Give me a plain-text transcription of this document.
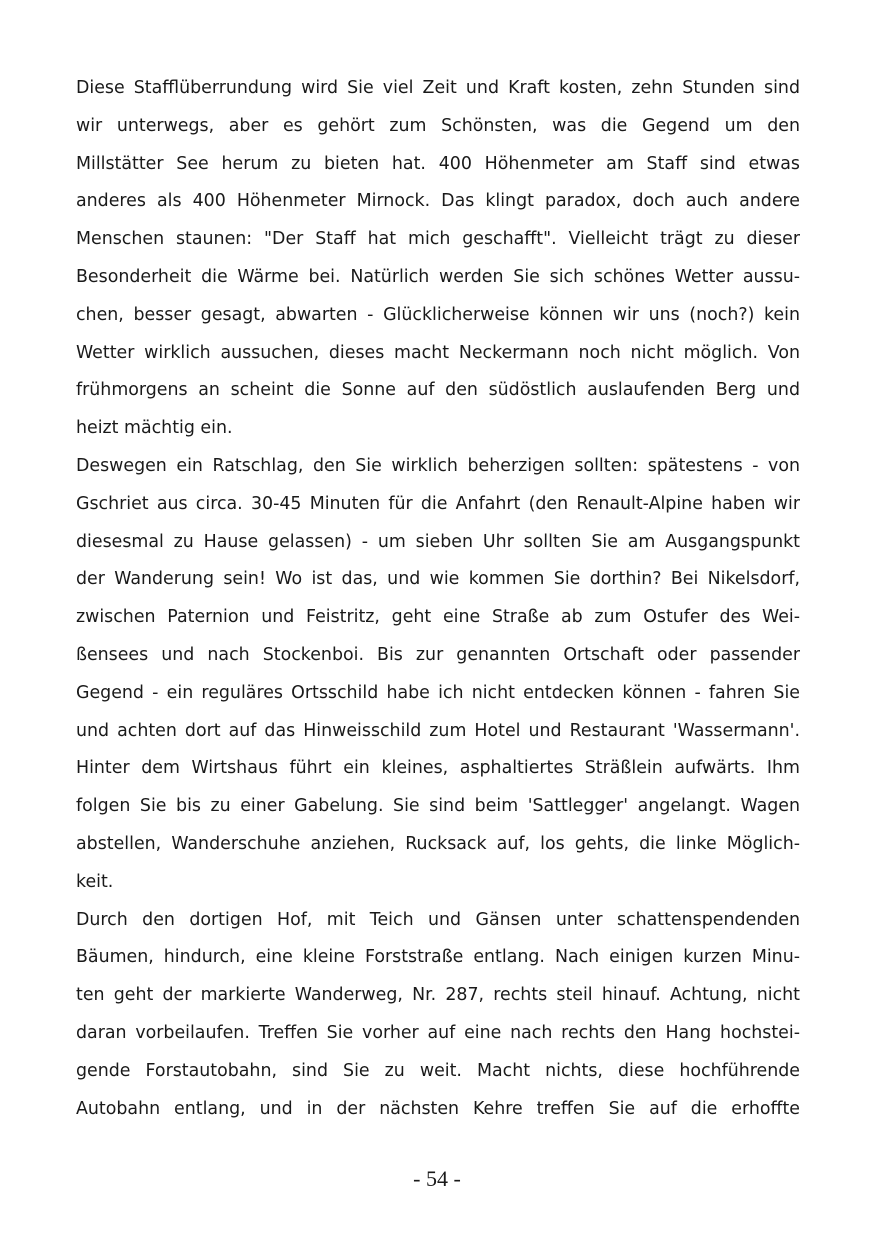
Diese Stafflüberrundung wird Sie viel Zeit und Kraft kosten, zehn Stunden sind
wir unterwegs, aber es gehört zum Schönsten, was die Gegend um den
Millstätter See herum zu bieten hat. 400 Höhenmeter am Staff sind etwas
anderes als 400 Höhenmeter Mirnock. Das klingt paradox, doch auch andere
Menschen staunen: "Der Staff hat mich geschafft". Vielleicht trägt zu dieser
Besonderheit die Wärme bei. Natürlich werden Sie sich schönes Wetter aussu-
chen, besser gesagt, abwarten - Glücklicherweise können wir uns (noch?) kein
Wetter wirklich aussuchen, dieses macht Neckermann noch nicht möglich. Von
frühmorgens an scheint die Sonne auf den südöstlich auslaufenden Berg und
heizt mächtig ein.
Deswegen ein Ratschlag, den Sie wirklich beherzigen sollten: spätestens - von
Gschriet aus circa. 30-45 Minuten für die Anfahrt (den Renault-Alpine haben wir
diesesmal zu Hause gelassen) - um sieben Uhr sollten Sie am Ausgangspunkt
der Wanderung sein! Wo ist das, und wie kommen Sie dorthin? Bei Nikelsdorf,
zwischen Paternion und Feistritz, geht eine Straße ab zum Ostufer des Wei-
ßensees und nach Stockenboi. Bis zur genannten Ortschaft oder passender
Gegend - ein reguläres Ortsschild habe ich nicht entdecken können - fahren Sie
und achten dort auf das Hinweisschild zum Hotel und Restaurant 'Wassermann'.
Hinter dem Wirtshaus führt ein kleines, asphaltiertes Sträßlein aufwärts. Ihm
folgen Sie bis zu einer Gabelung. Sie sind beim 'Sattlegger' angelangt. Wagen
abstellen, Wanderschuhe anziehen, Rucksack auf, los gehts, die linke Möglich-
keit.
Durch den dortigen Hof, mit Teich und Gänsen unter schattenspendenden
Bäumen, hindurch, eine kleine Forststraße entlang. Nach einigen kurzen Minu-
ten geht der markierte Wanderweg, Nr. 287, rechts steil hinauf. Achtung, nicht
daran vorbeilaufen. Treffen Sie vorher auf eine nach rechts den Hang hochstei-
gende Forstautobahn, sind Sie zu weit. Macht nichts, diese hochführende
Autobahn entlang, und in der nächsten Kehre treffen Sie auf die erhoffte
- 54 -
